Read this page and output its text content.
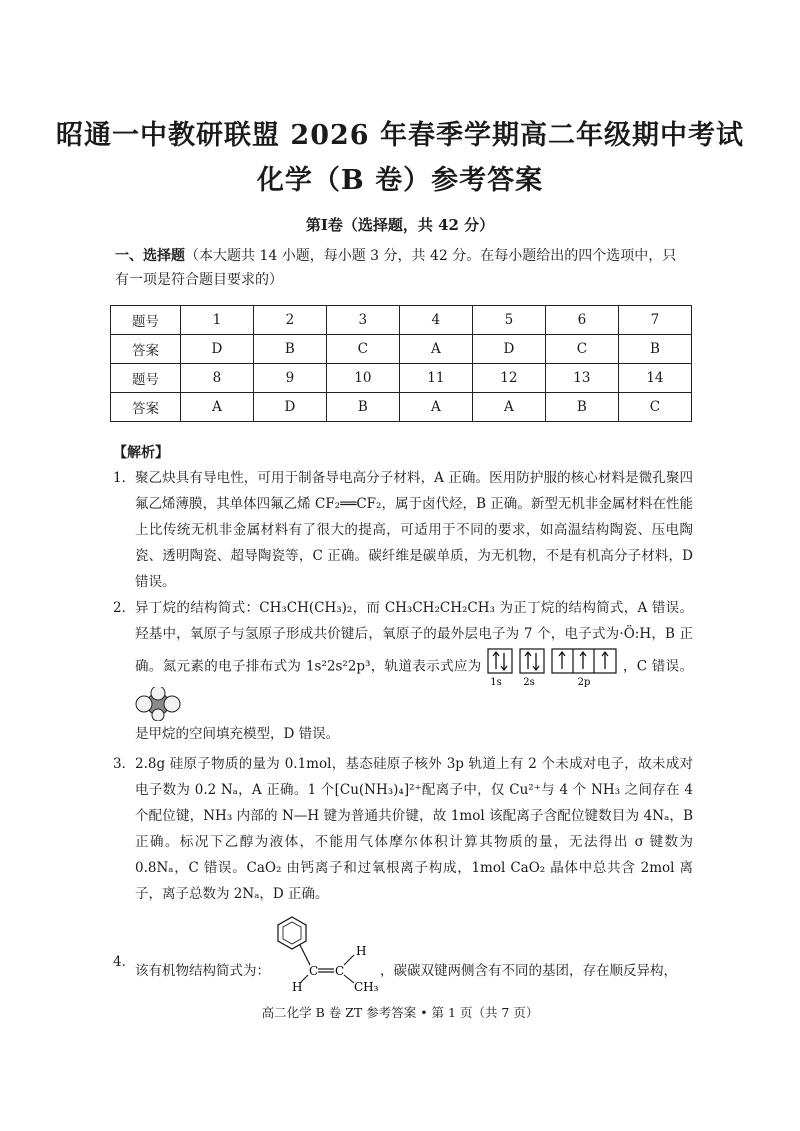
昭通一中教研联盟 2026 年春季学期高二年级期中考试
化学（B 卷）参考答案
第Ⅰ卷（选择题，共 42 分）
一、选择题（本大题共 14 小题，每小题 3 分，共 42 分。在每小题给出的四个选项中，只有一项是符合题目要求的）
题号	1	2	3	4	5	6	7
答案	D	B	C	A	D	C	B
题号	8	9	10	11	12	13	14
答案	A	D	B	A	A	B	C
【解析】
1． 聚乙炔具有导电性，可用于制备导电高分子材料，A 正确。医用防护服的核心材料是微孔聚四氟乙烯薄膜，其单体四氟乙烯 CF₂══CF₂，属于卤代烃，B 正确。新型无机非金属材料在性能上比传统无机非金属材料有了很大的提高，可适用于不同的要求，如高温结构陶瓷、压电陶瓷、透明陶瓷、超导陶瓷等，C 正确。碳纤维是碳单质，为无机物，不是有机高分子材料，D 错误。
2． 异丁烷的结构简式：CH₃CH(CH₃)₂，而 CH₃CH₂CH₂CH₃ 为正丁烷的结构简式，A 错误。羟基中，氧原子与氢原子形成共价键后，氧原子的最外层电子为 7 个，电子式为·Ö:H，B 正确。氮元素的电子排布式为 1s²2s²2p³，轨道表示式应为
1s 2s	2p
，C 错误。
是甲烷的空间填充模型，D 错误。
3． 2.8g 硅原子物质的量为 0.1mol，基态硅原子核外 3p 轨道上有 2 个未成对电子，故未成对电子数为 0.2 Nₐ，A 正确。1 个[Cu(NH₃)₄]²⁺配离子中，仅 Cu²⁺与 4 个 NH₃ 之间存在 4 个配位键，NH₃ 内部的 N—H 键为普通共价键，故 1mol 该配离子含配位键数目为 4Nₐ，B 正确。标况下乙醇为液体，不能用气体摩尔体积计算其物质的量，无法得出 σ 键数为 0.8Nₐ，C 错误。CaO₂ 由钙离子和过氧根离子构成，1mol CaO₂ 晶体中总共含 2mol 离子，离子总数为 2Nₐ，D 正确。
4．
该有机物结构简式为：
H
C C
H
CH₃
，碳碳双键两侧含有不同的基团，存在顺反异构，
高二化学 B 卷 ZT 参考答案 • 第 1 页（共 7 页）
